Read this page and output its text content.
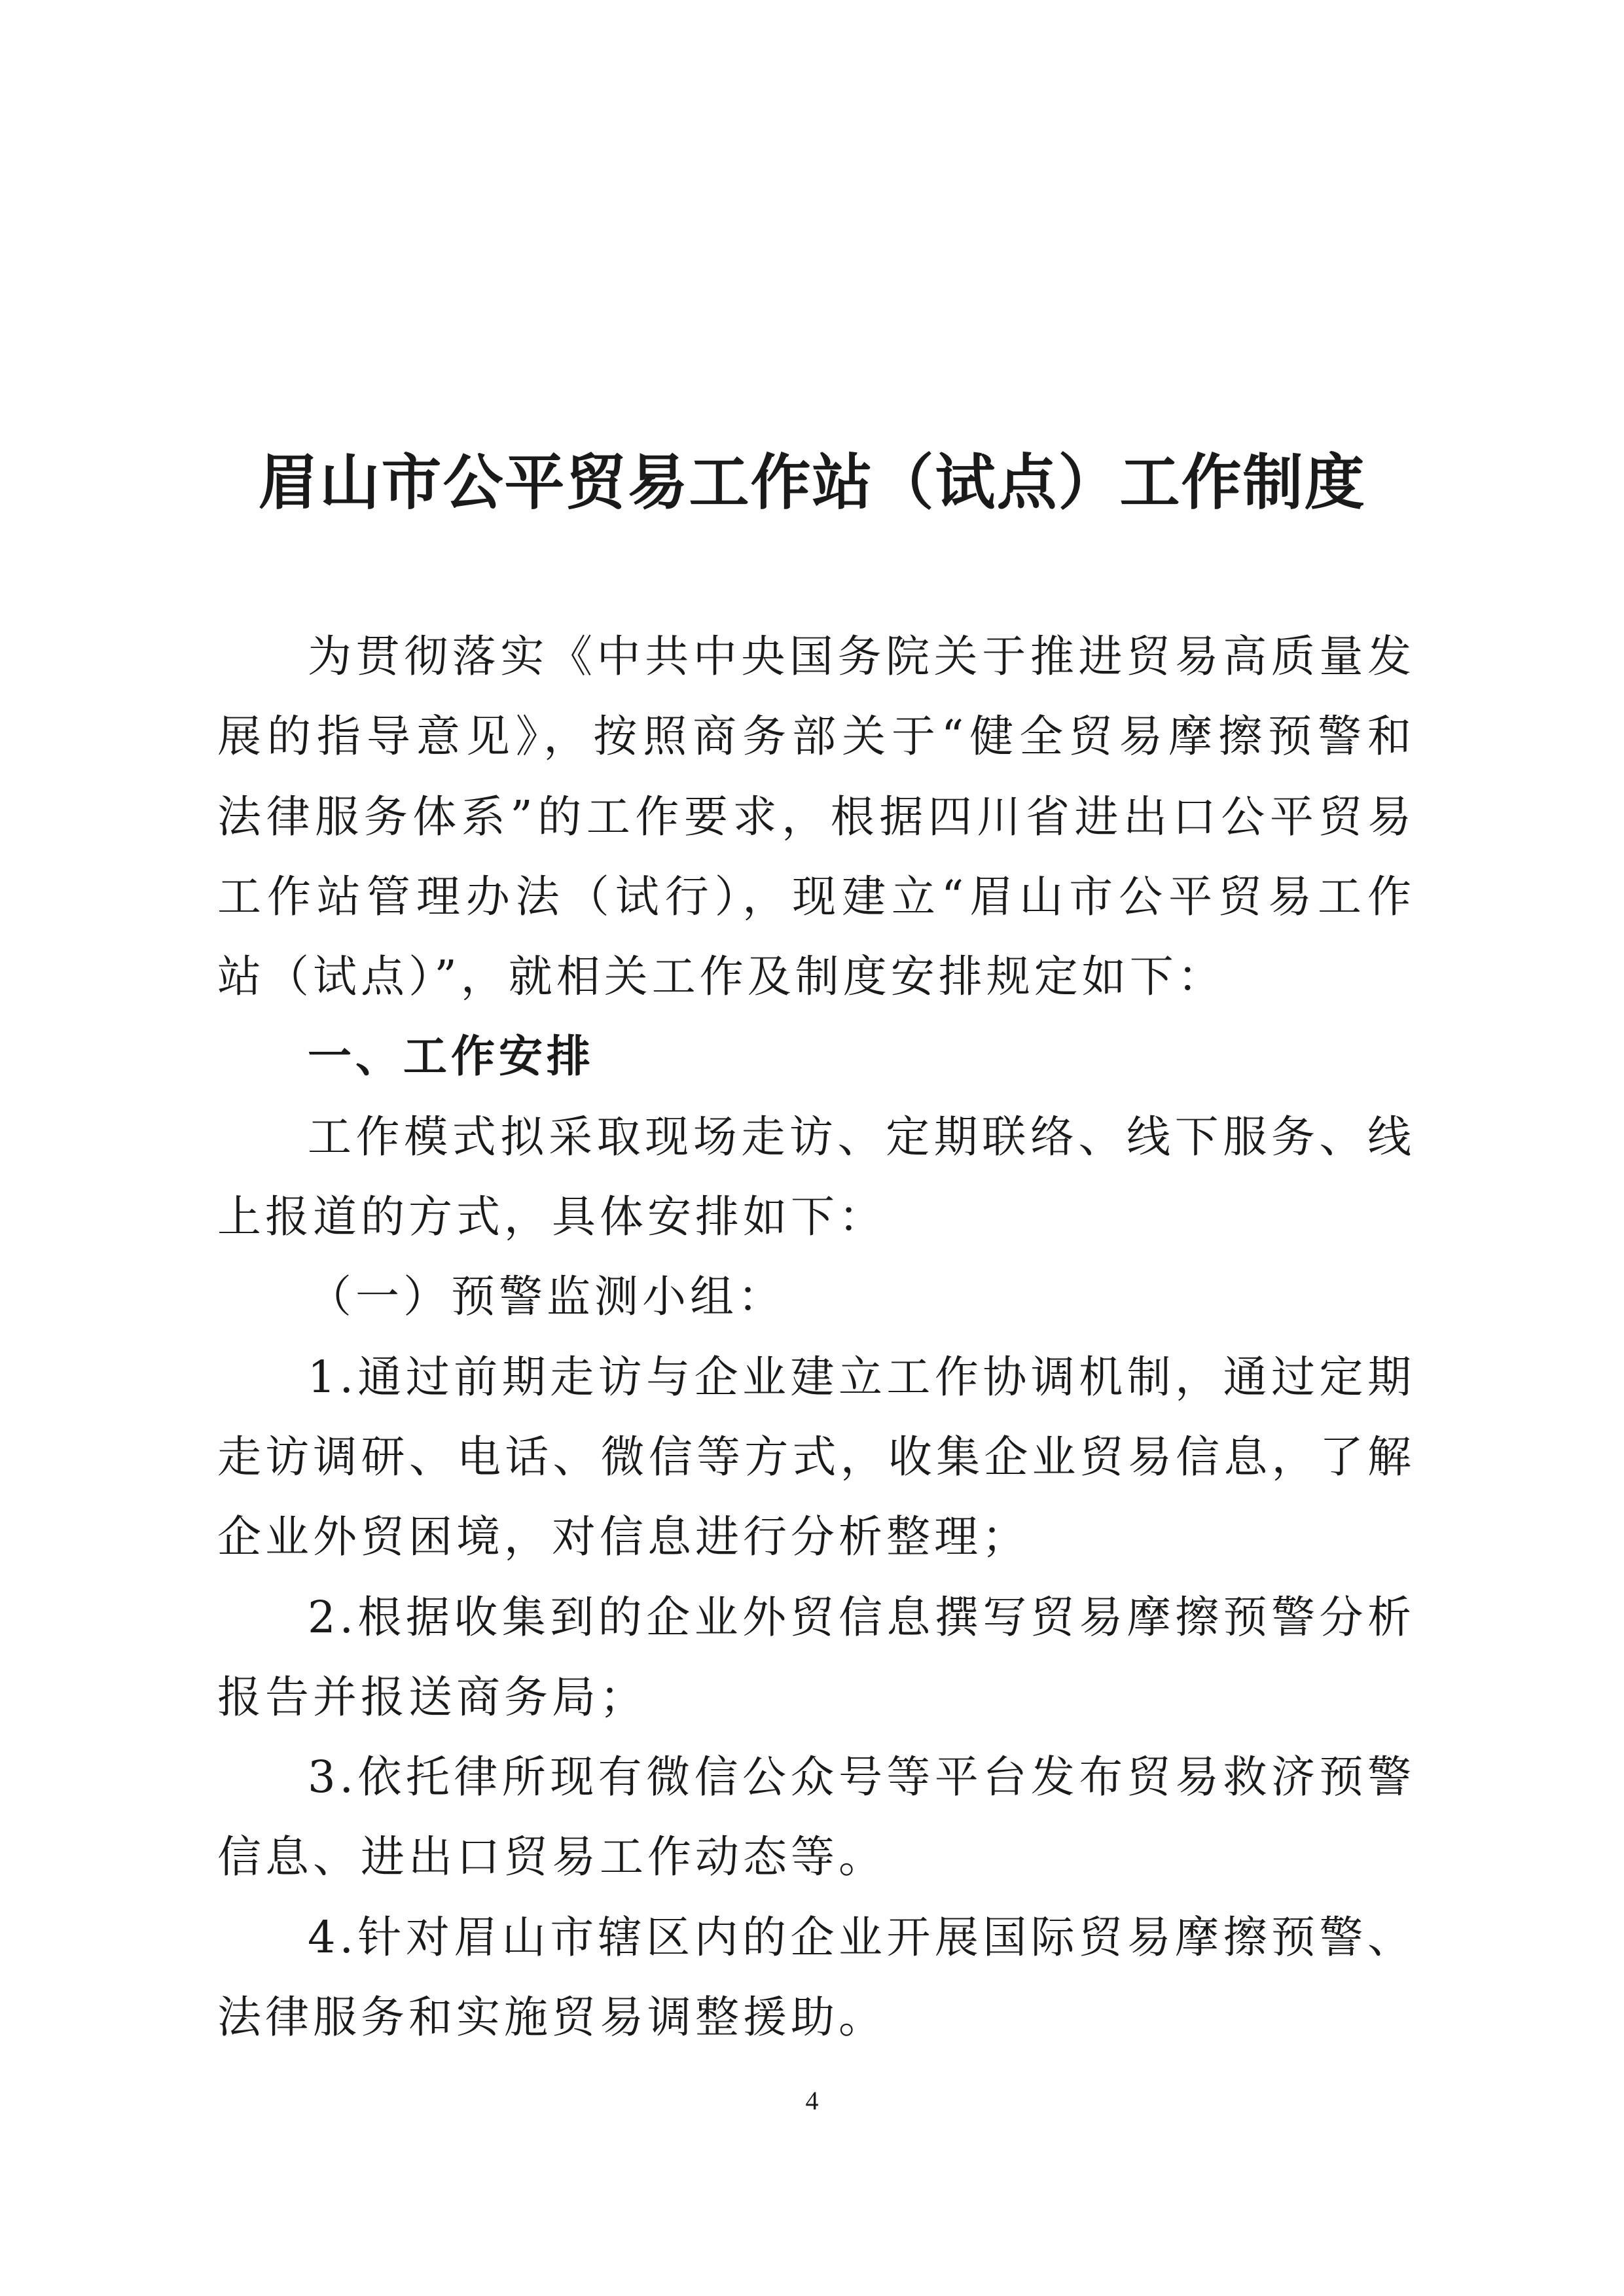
眉山市公平贸易工作站（试点）工作制度

为贯彻落实《中共中央国务院关于推进贸易高质量发展的指导意见》，按照商务部关于“健全贸易摩擦预警和法律服务体系”的工作要求，根据四川省进出口公平贸易工作站管理办法（试行），现建立“眉山市公平贸易工作站（试点）”，就相关工作及制度安排规定如下：

一、工作安排

工作模式拟采取现场走访、定期联络、线下服务、线上报道的方式，具体安排如下：

（一）预警监测小组：

1.通过前期走访与企业建立工作协调机制，通过定期走访调研、电话、微信等方式，收集企业贸易信息，了解企业外贸困境，对信息进行分析整理；

2.根据收集到的企业外贸信息撰写贸易摩擦预警分析报告并报送商务局；

3.依托律所现有微信公众号等平台发布贸易救济预警信息、进出口贸易工作动态等。

4.针对眉山市辖区内的企业开展国际贸易摩擦预警、法律服务和实施贸易调整援助。

4
